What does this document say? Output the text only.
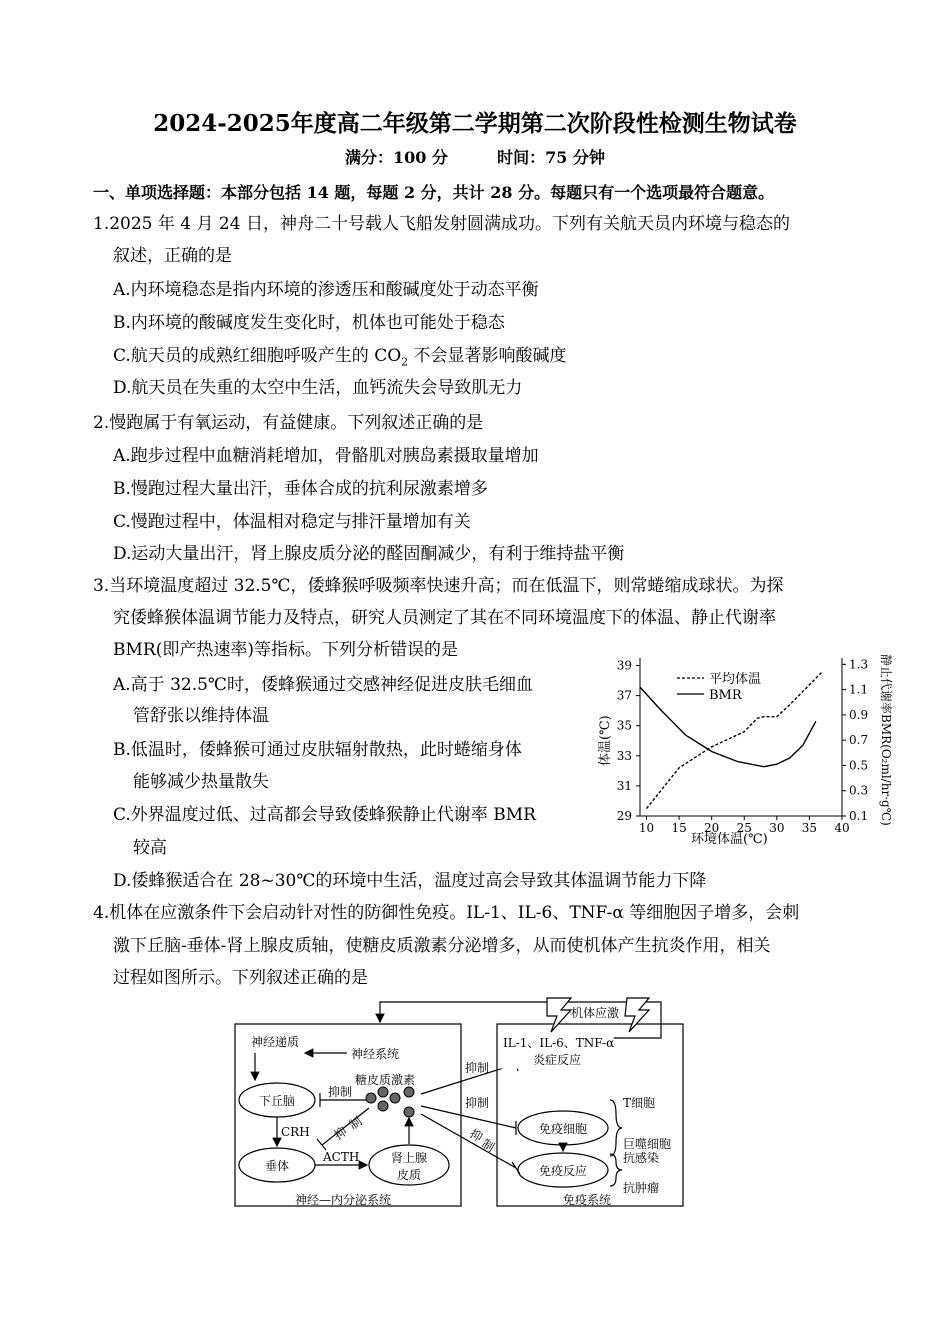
2024-2025年度高二年级第二学期第二次阶段性检测生物试卷
满分：100 分	时间：75 分钟
一、单项选择题：本部分包括 14 题，每题 2 分，共计 28 分。每题只有一个选项最符合题意。
1.2025 年 4 月 24 日，神舟二十号载人飞船发射圆满成功。下列有关航天员内环境与稳态的
叙述，正确的是
A.内环境稳态是指内环境的渗透压和酸碱度处于动态平衡
B.内环境的酸碱度发生变化时，机体也可能处于稳态
C.航天员的成熟红细胞呼吸产生的 $CO_2$ 不会显著影响酸碱度
D.航天员在失重的太空中生活，血钙流失会导致肌无力
2.慢跑属于有氧运动，有益健康。下列叙述正确的是
A.跑步过程中血糖消耗增加，骨骼肌对胰岛素摄取量增加
B.慢跑过程大量出汗，垂体合成的抗利尿激素增多
C.慢跑过程中，体温相对稳定与排汗量增加有关
D.运动大量出汗，肾上腺皮质分泌的醛固酮减少，有利于维持盐平衡
3.当环境温度超过 32.5℃，倭蜂猴呼吸频率快速升高；而在低温下，则常蜷缩成球状。为探
究倭蜂猴体温调节能力及特点，研究人员测定了其在不同环境温度下的体温、静止代谢率
BMR(即产热速率)等指标。下列分析错误的是
A.高于 32.5℃时，倭蜂猴通过交感神经促进皮肤毛细血
管舒张以维持体温
B.低温时，倭蜂猴可通过皮肤辐射散热，此时蜷缩身体
能够减少热量散失
C.外界温度过低、过高都会导致倭蜂猴静止代谢率 BMR
较高
D.倭蜂猴适合在 28~30℃的环境中生活，温度过高会导致其体温调节能力下降
10 15 20 25 30 35 40
29
31
33
35
37
39
0.1
0.3
0.5
0.7
0.9
1.1
1.3
平均体温
BMR
环境体温(℃)
体温(℃)	静止代谢率BMR(O₂ml/hr·g℃)
4.机体在应激条件下会启动针对性的防御性免疫。IL-1、IL-6、TNF-α 等细胞因子增多，会刺
激下丘脑-垂体-肾上腺皮质轴，使糖皮质激素分泌增多，从而使机体产生抗炎作用，相关
过程如图所示。下列叙述正确的是
机体应激
IL-1、IL-6、TNF-α
炎症反应
神经系统
神经递质
糖皮质激素
下丘脑
垂体
肾上腺
皮质
CRH
ACTH
抑制
抑
制
抑制
抑制
抑
制
免疫细胞
T细胞
巨噬细胞
免疫反应
抗感染
抗肿瘤
神经—内分泌系统	免疫系统
